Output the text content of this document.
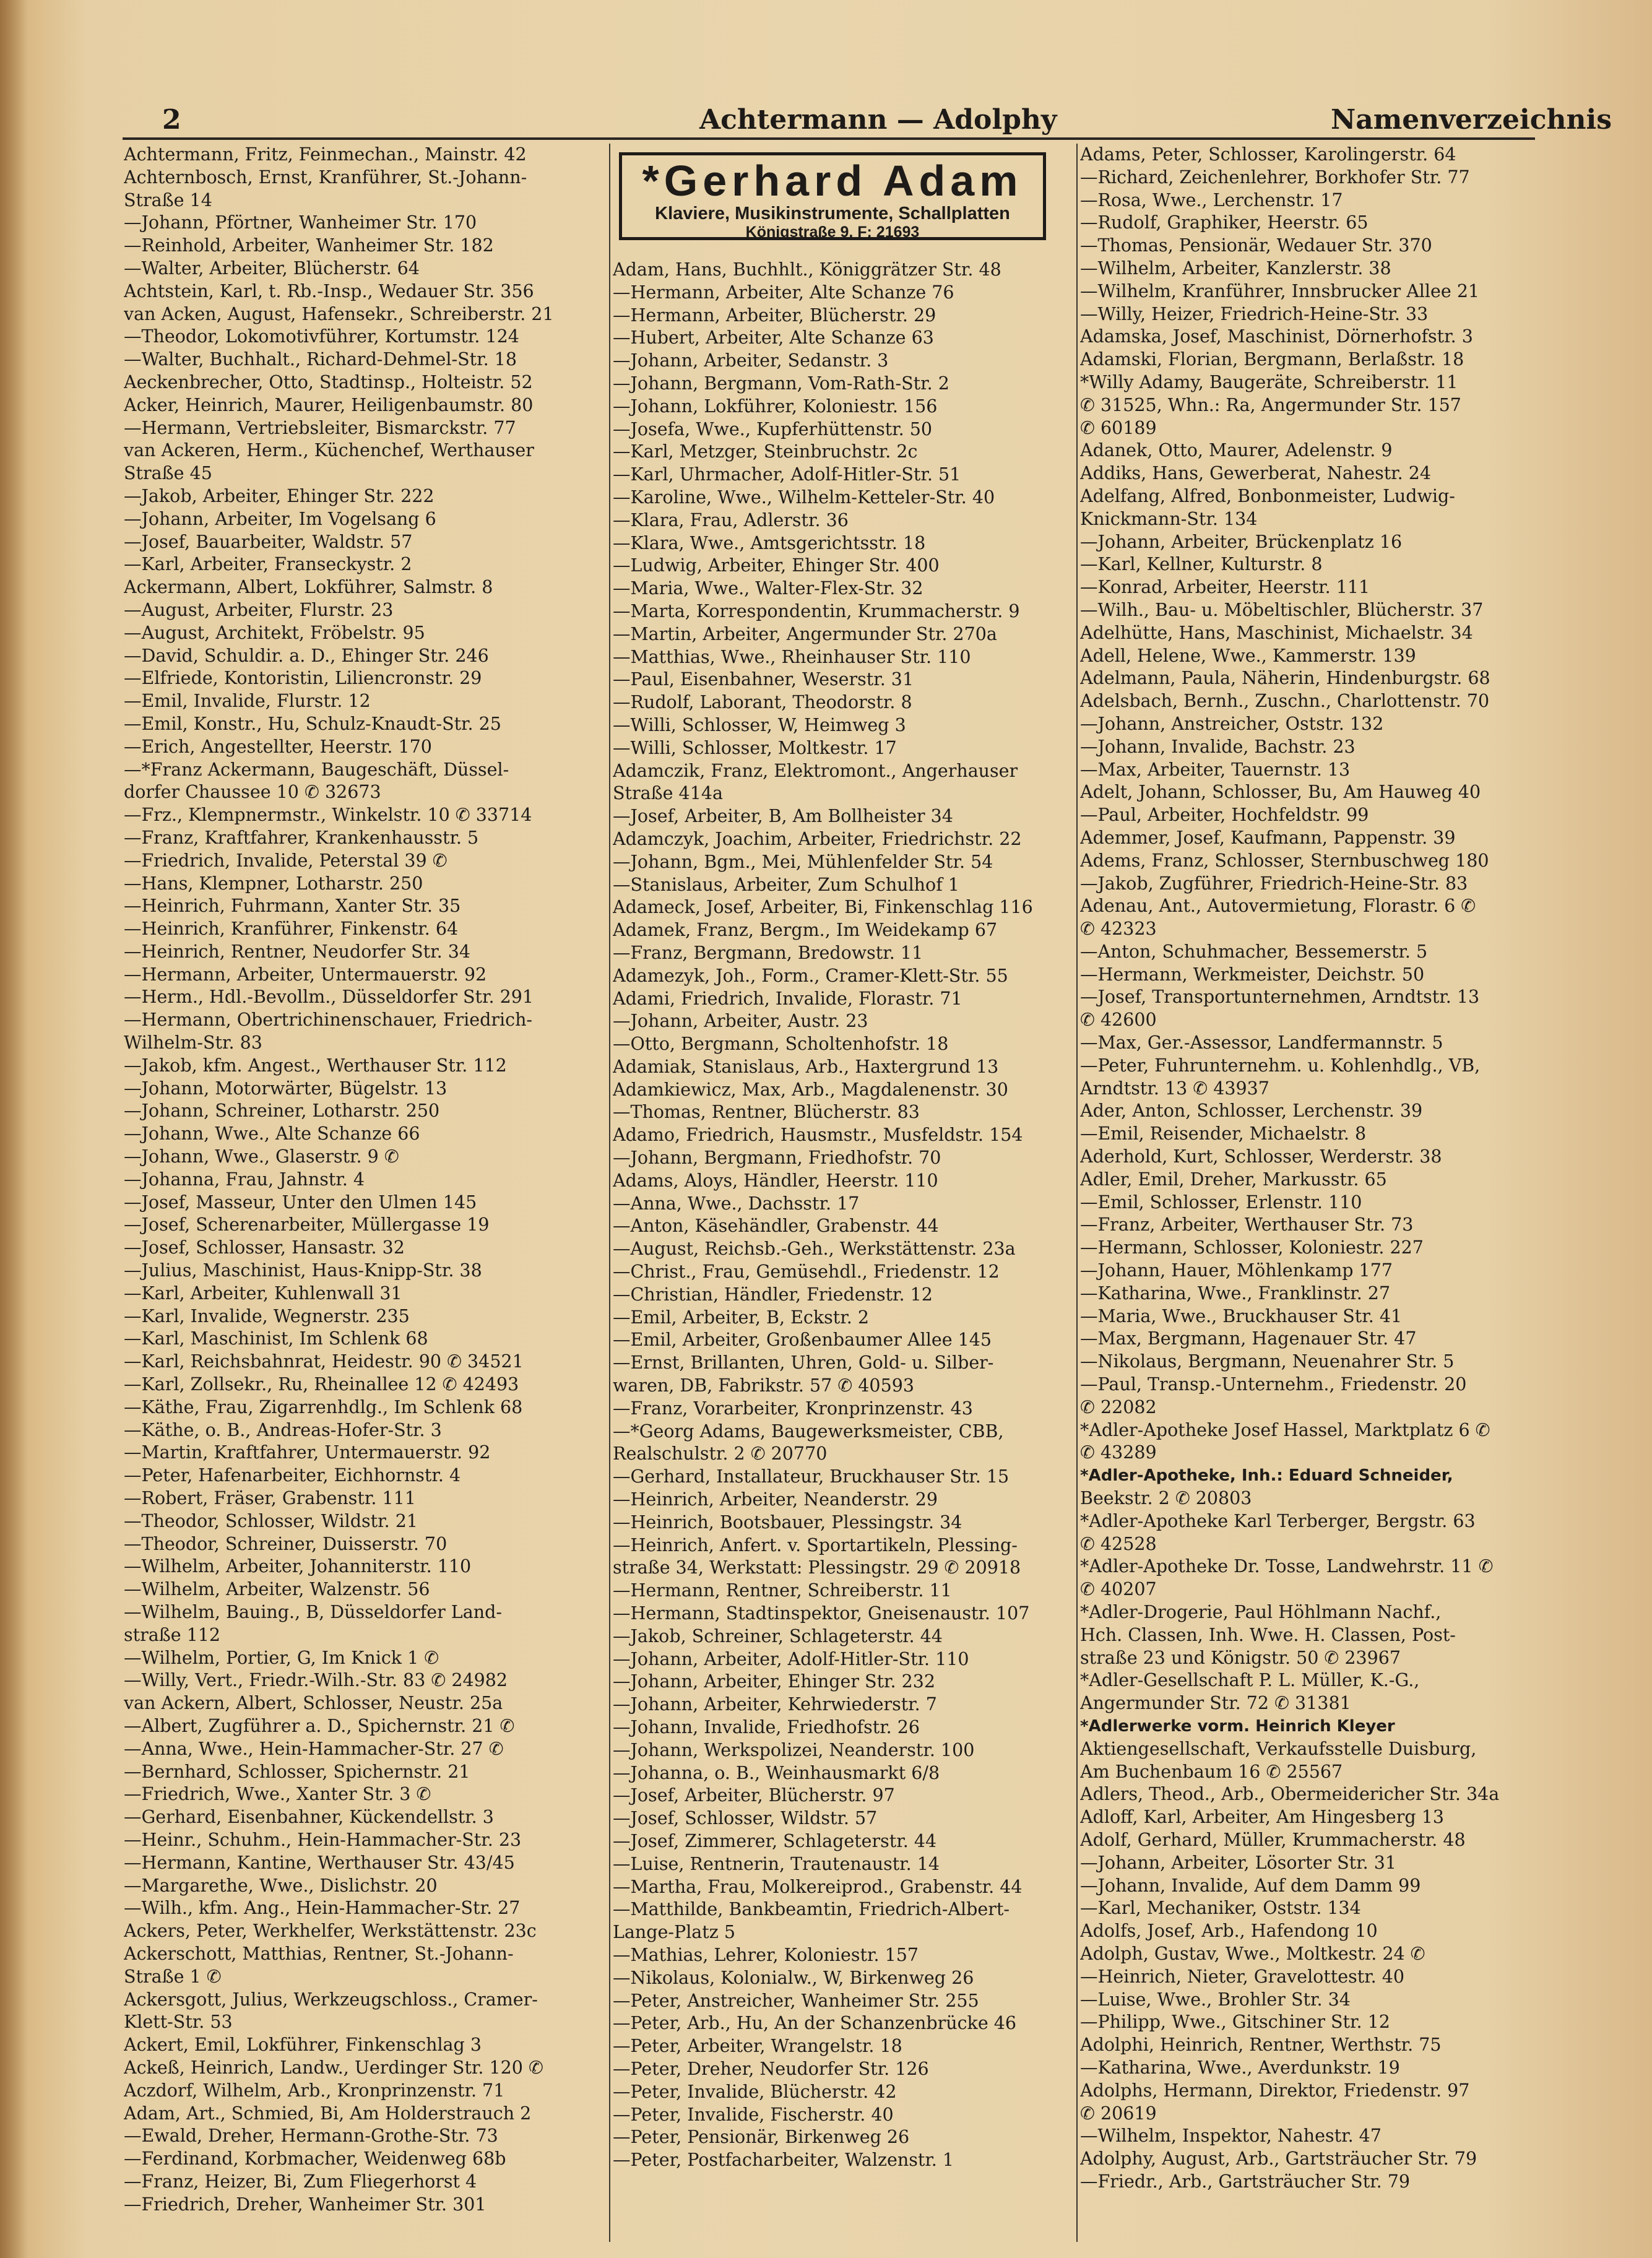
2	Achtermann — Adolphy	Namenverzeichnis
*Gerhard Adam
Klaviere, Musikinstrumente, Schallplatten
Königstraße 9, F: 21693
Achtermann, Fritz, Feinmechan., Mainstr. 42
Achternbosch, Ernst, Kranführer, St.-Johann-
Straße 14
—Johann, Pförtner, Wanheimer Str. 170
—Reinhold, Arbeiter, Wanheimer Str. 182
—Walter, Arbeiter, Blücherstr. 64
Achtstein, Karl, t. Rb.-Insp., Wedauer Str. 356
van Acken, August, Hafensekr., Schreiberstr. 21
—Theodor, Lokomotivführer, Kortumstr. 124
—Walter, Buchhalt., Richard-Dehmel-Str. 18
Aeckenbrecher, Otto, Stadtinsp., Holteistr. 52
Acker, Heinrich, Maurer, Heiligenbaumstr. 80
—Hermann, Vertriebsleiter, Bismarckstr. 77
van Ackeren, Herm., Küchenchef, Werthauser
Straße 45
—Jakob, Arbeiter, Ehinger Str. 222
—Johann, Arbeiter, Im Vogelsang 6
—Josef, Bauarbeiter, Waldstr. 57
—Karl, Arbeiter, Franseckystr. 2
Ackermann, Albert, Lokführer, Salmstr. 8
—August, Arbeiter, Flurstr. 23
—August, Architekt, Fröbelstr. 95
—David, Schuldir. a. D., Ehinger Str. 246
—Elfriede, Kontoristin, Liliencronstr. 29
—Emil, Invalide, Flurstr. 12
—Emil, Konstr., Hu, Schulz-Knaudt-Str. 25
—Erich, Angestellter, Heerstr. 170
—*Franz Ackermann, Baugeschäft, Düssel-
dorfer Chaussee 10 ✆ 32673
—Frz., Klempnermstr., Winkelstr. 10 ✆ 33714
—Franz, Kraftfahrer, Krankenhausstr. 5
—Friedrich, Invalide, Peterstal 39 ✆
—Hans, Klempner, Lotharstr. 250
—Heinrich, Fuhrmann, Xanter Str. 35
—Heinrich, Kranführer, Finkenstr. 64
—Heinrich, Rentner, Neudorfer Str. 34
—Hermann, Arbeiter, Untermauerstr. 92
—Herm., Hdl.-Bevollm., Düsseldorfer Str. 291
—Hermann, Obertrichinenschauer, Friedrich-
Wilhelm-Str. 83
—Jakob, kfm. Angest., Werthauser Str. 112
—Johann, Motorwärter, Bügelstr. 13
—Johann, Schreiner, Lotharstr. 250
—Johann, Wwe., Alte Schanze 66
—Johann, Wwe., Glaserstr. 9 ✆
—Johanna, Frau, Jahnstr. 4
—Josef, Masseur, Unter den Ulmen 145
—Josef, Scherenarbeiter, Müllergasse 19
—Josef, Schlosser, Hansastr. 32
—Julius, Maschinist, Haus-Knipp-Str. 38
—Karl, Arbeiter, Kuhlenwall 31
—Karl, Invalide, Wegnerstr. 235
—Karl, Maschinist, Im Schlenk 68
—Karl, Reichsbahnrat, Heidestr. 90 ✆ 34521
—Karl, Zollsekr., Ru, Rheinallee 12 ✆ 42493
—Käthe, Frau, Zigarrenhdlg., Im Schlenk 68
—Käthe, o. B., Andreas-Hofer-Str. 3
—Martin, Kraftfahrer, Untermauerstr. 92
—Peter, Hafenarbeiter, Eichhornstr. 4
—Robert, Fräser, Grabenstr. 111
—Theodor, Schlosser, Wildstr. 21
—Theodor, Schreiner, Duisserstr. 70
—Wilhelm, Arbeiter, Johanniterstr. 110
—Wilhelm, Arbeiter, Walzenstr. 56
—Wilhelm, Bauing., B, Düsseldorfer Land-
straße 112
—Wilhelm, Portier, G, Im Knick 1 ✆
—Willy, Vert., Friedr.-Wilh.-Str. 83 ✆ 24982
van Ackern, Albert, Schlosser, Neustr. 25a
—Albert, Zugführer a. D., Spichernstr. 21 ✆
—Anna, Wwe., Hein-Hammacher-Str. 27 ✆
—Bernhard, Schlosser, Spichernstr. 21
—Friedrich, Wwe., Xanter Str. 3 ✆
—Gerhard, Eisenbahner, Kückendellstr. 3
—Heinr., Schuhm., Hein-Hammacher-Str. 23
—Hermann, Kantine, Werthauser Str. 43/45
—Margarethe, Wwe., Dislichstr. 20
—Wilh., kfm. Ang., Hein-Hammacher-Str. 27
Ackers, Peter, Werkhelfer, Werkstättenstr. 23c
Ackerschott, Matthias, Rentner, St.-Johann-
Straße 1 ✆
Ackersgott, Julius, Werkzeugschloss., Cramer-
Klett-Str. 53
Ackert, Emil, Lokführer, Finkenschlag 3
Ackeß, Heinrich, Landw., Uerdinger Str. 120 ✆
Aczdorf, Wilhelm, Arb., Kronprinzenstr. 71
Adam, Art., Schmied, Bi, Am Holderstrauch 2
—Ewald, Dreher, Hermann-Grothe-Str. 73
—Ferdinand, Korbmacher, Weidenweg 68b
—Franz, Heizer, Bi, Zum Fliegerhorst 4
—Friedrich, Dreher, Wanheimer Str. 301
Adam, Hans, Buchhlt., Königgrätzer Str. 48
—Hermann, Arbeiter, Alte Schanze 76
—Hermann, Arbeiter, Blücherstr. 29
—Hubert, Arbeiter, Alte Schanze 63
—Johann, Arbeiter, Sedanstr. 3
—Johann, Bergmann, Vom-Rath-Str. 2
—Johann, Lokführer, Koloniestr. 156
—Josefa, Wwe., Kupferhüttenstr. 50
—Karl, Metzger, Steinbruchstr. 2c
—Karl, Uhrmacher, Adolf-Hitler-Str. 51
—Karoline, Wwe., Wilhelm-Ketteler-Str. 40
—Klara, Frau, Adlerstr. 36
—Klara, Wwe., Amtsgerichtsstr. 18
—Ludwig, Arbeiter, Ehinger Str. 400
—Maria, Wwe., Walter-Flex-Str. 32
—Marta, Korrespondentin, Krummacherstr. 9
—Martin, Arbeiter, Angermunder Str. 270a
—Matthias, Wwe., Rheinhauser Str. 110
—Paul, Eisenbahner, Weserstr. 31
—Rudolf, Laborant, Theodorstr. 8
—Willi, Schlosser, W, Heimweg 3
—Willi, Schlosser, Moltkestr. 17
Adamczik, Franz, Elektromont., Angerhauser
Straße 414a
—Josef, Arbeiter, B, Am Bollheister 34
Adamczyk, Joachim, Arbeiter, Friedrichstr. 22
—Johann, Bgm., Mei, Mühlenfelder Str. 54
—Stanislaus, Arbeiter, Zum Schulhof 1
Adameck, Josef, Arbeiter, Bi, Finkenschlag 116
Adamek, Franz, Bergm., Im Weidekamp 67
—Franz, Bergmann, Bredowstr. 11
Adamezyk, Joh., Form., Cramer-Klett-Str. 55
Adami, Friedrich, Invalide, Florastr. 71
—Johann, Arbeiter, Austr. 23
—Otto, Bergmann, Scholtenhofstr. 18
Adamiak, Stanislaus, Arb., Haxtergrund 13
Adamkiewicz, Max, Arb., Magdalenenstr. 30
—Thomas, Rentner, Blücherstr. 83
Adamo, Friedrich, Hausmstr., Musfeldstr. 154
—Johann, Bergmann, Friedhofstr. 70
Adams, Aloys, Händler, Heerstr. 110
—Anna, Wwe., Dachsstr. 17
—Anton, Käsehändler, Grabenstr. 44
—August, Reichsb.-Geh., Werkstättenstr. 23a
—Christ., Frau, Gemüsehdl., Friedenstr. 12
—Christian, Händler, Friedenstr. 12
—Emil, Arbeiter, B, Eckstr. 2
—Emil, Arbeiter, Großenbaumer Allee 145
—Ernst, Brillanten, Uhren, Gold- u. Silber-
waren, DB, Fabrikstr. 57 ✆ 40593
—Franz, Vorarbeiter, Kronprinzenstr. 43
—*Georg Adams, Baugewerksmeister, CBB,
Realschulstr. 2 ✆ 20770
—Gerhard, Installateur, Bruckhauser Str. 15
—Heinrich, Arbeiter, Neanderstr. 29
—Heinrich, Bootsbauer, Plessingstr. 34
—Heinrich, Anfert. v. Sportartikeln, Plessing-
straße 34, Werkstatt: Plessingstr. 29 ✆ 20918
—Hermann, Rentner, Schreiberstr. 11
—Hermann, Stadtinspektor, Gneisenaustr. 107
—Jakob, Schreiner, Schlageterstr. 44
—Johann, Arbeiter, Adolf-Hitler-Str. 110
—Johann, Arbeiter, Ehinger Str. 232
—Johann, Arbeiter, Kehrwiederstr. 7
—Johann, Invalide, Friedhofstr. 26
—Johann, Werkspolizei, Neanderstr. 100
—Johanna, o. B., Weinhausmarkt 6/8
—Josef, Arbeiter, Blücherstr. 97
—Josef, Schlosser, Wildstr. 57
—Josef, Zimmerer, Schlageterstr. 44
—Luise, Rentnerin, Trautenaustr. 14
—Martha, Frau, Molkereiprod., Grabenstr. 44
—Matthilde, Bankbeamtin, Friedrich-Albert-
Lange-Platz 5
—Mathias, Lehrer, Koloniestr. 157
—Nikolaus, Kolonialw., W, Birkenweg 26
—Peter, Anstreicher, Wanheimer Str. 255
—Peter, Arb., Hu, An der Schanzenbrücke 46
—Peter, Arbeiter, Wrangelstr. 18
—Peter, Dreher, Neudorfer Str. 126
—Peter, Invalide, Blücherstr. 42
—Peter, Invalide, Fischerstr. 40
—Peter, Pensionär, Birkenweg 26
—Peter, Postfacharbeiter, Walzenstr. 1
Adams, Peter, Schlosser, Karolingerstr. 64
—Richard, Zeichenlehrer, Borkhofer Str. 77
—Rosa, Wwe., Lerchenstr. 17
—Rudolf, Graphiker, Heerstr. 65
—Thomas, Pensionär, Wedauer Str. 370
—Wilhelm, Arbeiter, Kanzlerstr. 38
—Wilhelm, Kranführer, Innsbrucker Allee 21
—Willy, Heizer, Friedrich-Heine-Str. 33
Adamska, Josef, Maschinist, Dörnerhofstr. 3
Adamski, Florian, Bergmann, Berlaßstr. 18
*Willy Adamy, Baugeräte, Schreiberstr. 11
✆ 31525, Whn.: Ra, Angermunder Str. 157
✆ 60189
Adanek, Otto, Maurer, Adelenstr. 9
Addiks, Hans, Gewerberat, Nahestr. 24
Adelfang, Alfred, Bonbonmeister, Ludwig-
Knickmann-Str. 134
—Johann, Arbeiter, Brückenplatz 16
—Karl, Kellner, Kulturstr. 8
—Konrad, Arbeiter, Heerstr. 111
—Wilh., Bau- u. Möbeltischler, Blücherstr. 37
Adelhütte, Hans, Maschinist, Michaelstr. 34
Adell, Helene, Wwe., Kammerstr. 139
Adelmann, Paula, Näherin, Hindenburgstr. 68
Adelsbach, Bernh., Zuschn., Charlottenstr. 70
—Johann, Anstreicher, Oststr. 132
—Johann, Invalide, Bachstr. 23
—Max, Arbeiter, Tauernstr. 13
Adelt, Johann, Schlosser, Bu, Am Hauweg 40
—Paul, Arbeiter, Hochfeldstr. 99
Ademmer, Josef, Kaufmann, Pappenstr. 39
Adems, Franz, Schlosser, Sternbuschweg 180
—Jakob, Zugführer, Friedrich-Heine-Str. 83
Adenau, Ant., Autovermietung, Florastr. 6 ✆
✆ 42323
—Anton, Schuhmacher, Bessemerstr. 5
—Hermann, Werkmeister, Deichstr. 50
—Josef, Transportunternehmen, Arndtstr. 13
✆ 42600
—Max, Ger.-Assessor, Landfermannstr. 5
—Peter, Fuhrunternehm. u. Kohlenhdlg., VB,
Arndtstr. 13 ✆ 43937
Ader, Anton, Schlosser, Lerchenstr. 39
—Emil, Reisender, Michaelstr. 8
Aderhold, Kurt, Schlosser, Werderstr. 38
Adler, Emil, Dreher, Markusstr. 65
—Emil, Schlosser, Erlenstr. 110
—Franz, Arbeiter, Werthauser Str. 73
—Hermann, Schlosser, Koloniestr. 227
—Johann, Hauer, Möhlenkamp 177
—Katharina, Wwe., Franklinstr. 27
—Maria, Wwe., Bruckhauser Str. 41
—Max, Bergmann, Hagenauer Str. 47
—Nikolaus, Bergmann, Neuenahrer Str. 5
—Paul, Transp.-Unternehm., Friedenstr. 20
✆ 22082
*Adler-Apotheke Josef Hassel, Marktplatz 6 ✆
✆ 43289
*Adler-Apotheke, Inh.: Eduard Schneider,
Beekstr. 2 ✆ 20803
*Adler-Apotheke Karl Terberger, Bergstr. 63
✆ 42528
*Adler-Apotheke Dr. Tosse, Landwehrstr. 11 ✆
✆ 40207
*Adler-Drogerie, Paul Höhlmann Nachf.,
Hch. Classen, Inh. Wwe. H. Classen, Post-
straße 23 und Königstr. 50 ✆ 23967
*Adler-Gesellschaft P. L. Müller, K.-G.,
Angermunder Str. 72 ✆ 31381
*Adlerwerke vorm. Heinrich Kleyer
Aktiengesellschaft, Verkaufsstelle Duisburg,
Am Buchenbaum 16 ✆ 25567
Adlers, Theod., Arb., Obermeidericher Str. 34a
Adloff, Karl, Arbeiter, Am Hingesberg 13
Adolf, Gerhard, Müller, Krummacherstr. 48
—Johann, Arbeiter, Lösorter Str. 31
—Johann, Invalide, Auf dem Damm 99
—Karl, Mechaniker, Oststr. 134
Adolfs, Josef, Arb., Hafendong 10
Adolph, Gustav, Wwe., Moltkestr. 24 ✆
—Heinrich, Nieter, Gravelottestr. 40
—Luise, Wwe., Brohler Str. 34
—Philipp, Wwe., Gitschiner Str. 12
Adolphi, Heinrich, Rentner, Werthstr. 75
—Katharina, Wwe., Averdunkstr. 19
Adolphs, Hermann, Direktor, Friedenstr. 97
✆ 20619
—Wilhelm, Inspektor, Nahestr. 47
Adolphy, August, Arb., Gartsträucher Str. 79
—Friedr., Arb., Gartsträucher Str. 79
